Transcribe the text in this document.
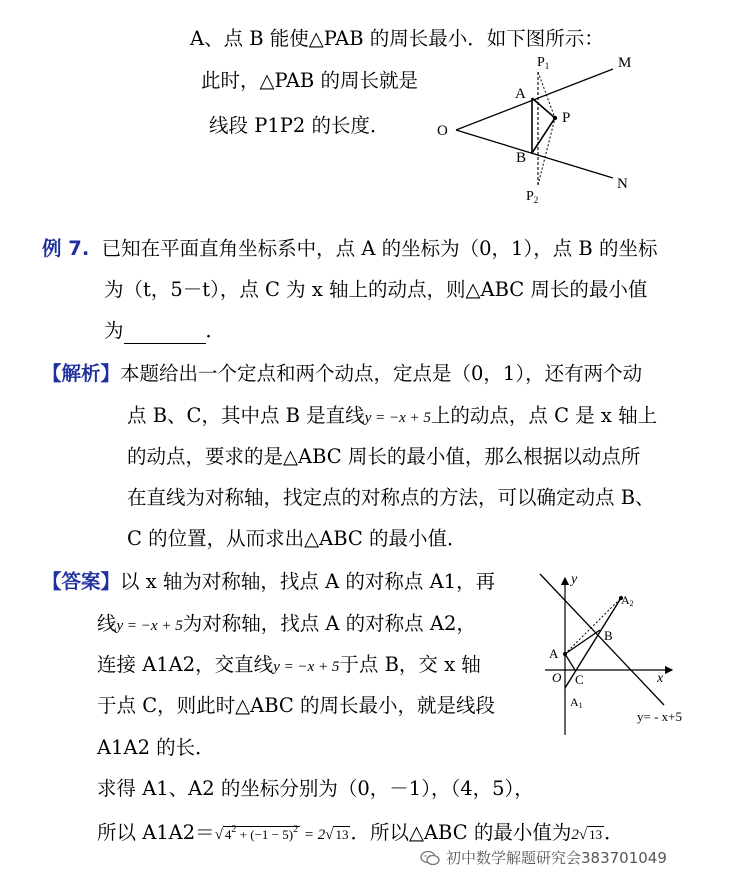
A、点 B 能使△PAB 的周长最小．如下图所示：
此时，△PAB 的周长就是
线段 P1P2 的长度．
$P_1$	M
A
P
O
B
N
$P_2$
例 7. 已知在平面直角坐标系中，点 A 的坐标为（0，1），点 B 的坐标
为（t，5－t），点 C 为 x 轴上的动点，则△ABC 周长的最小值
为	．
【解析】本题给出一个定点和两个动点，定点是（0，1），还有两个动
点 B、C，其中点 B 是直线y = −x + 5上的动点，点 C 是 x 轴上
的动点，要求的是△ABC 周长的最小值，那么根据以动点所
在直线为对称轴，找定点的对称点的方法，可以确定动点 B、
C 的位置，从而求出△ABC 的最小值．
【答案】以 x 轴为对称轴，找点 A 的对称点 A1，再
线y = −x + 5为对称轴，找点 A 的对称点 A2，
连接 A1A2，交直线y = −x + 5于点 B，交 x 轴
于点 C，则此时△ABC 的周长最小，就是线段
A1A2 的长．
求得 A1、A2 的坐标分别为（0，－1），（4，5），
所以 A1A2＝√ $4^2 + (-1 - 5)^2 = 2√$ 13 ．所以△ABC 的最小值为2√ 13 ．
y
A2
B
A
O C	x
A1
y= - x+5
初中数学解题研究会383701049
